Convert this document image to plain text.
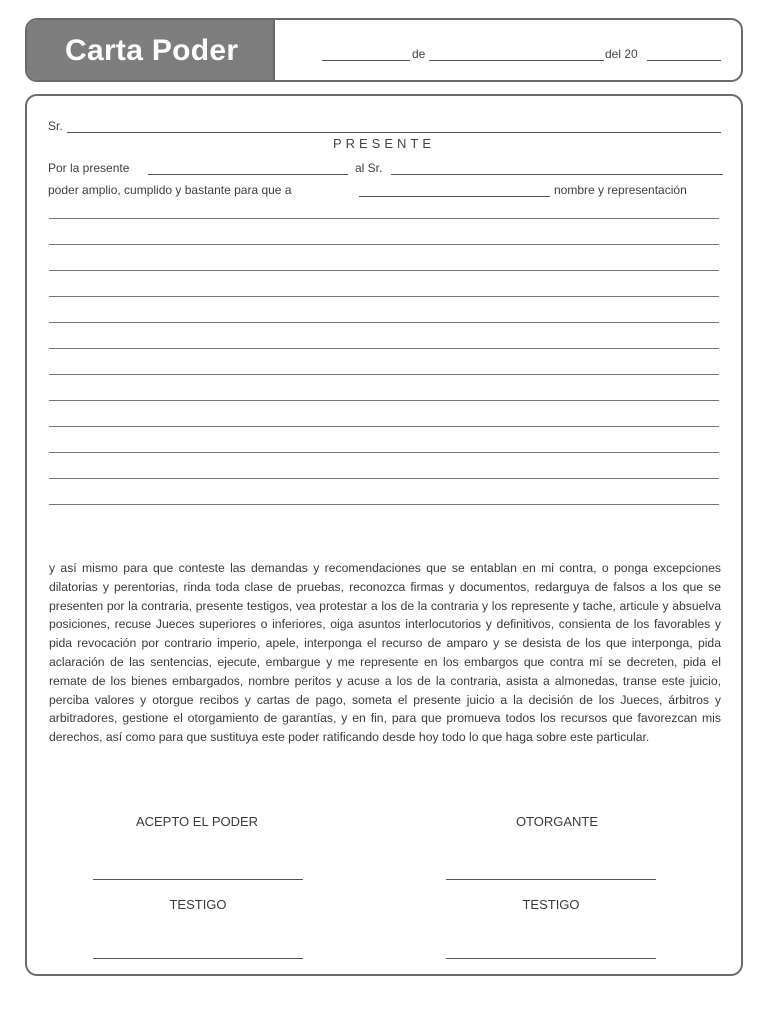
Carta Poder	de	del 20
Sr.
PRESENTE
Por la presente	al Sr.
poder amplio, cumplido y bastante para que a	nombre y representación
y así mismo para que conteste las demandas y recomendaciones que se entablan en mi contra, o ponga excepciones dilatorias y perentorias, rinda toda clase de pruebas, reconozca firmas y documentos, redarguya de falsos a los que se presenten por la contraria, presente testigos, vea protestar a los de la contraria y los represente y tache, articule y absuelva posiciones, recuse Jueces superiores o inferiores, oiga asuntos interlocutorios y definitivos, consienta de los favorables y pida revocación por contrario imperio, apele, interponga el recurso de amparo y se desista de los que interponga, pida aclaración de las sentencias, ejecute, embargue y me represente en los embargos que contra mí se decreten, pida el remate de los bienes embargados, nombre peritos y acuse a los de la contraria, asista a almonedas, transe este juicio, perciba valores y otorgue recibos y cartas de pago, someta el presente juicio a la decisión de los Jueces, árbitros y arbitradores, gestione el otorgamiento de garantías, y en fin, para que promueva todos los recursos que favorezcan mis derechos, así como para que sustituya este poder ratificando desde hoy todo lo que haga sobre este particular.
ACEPTO EL PODER	OTORGANTE
TESTIGO	TESTIGO
